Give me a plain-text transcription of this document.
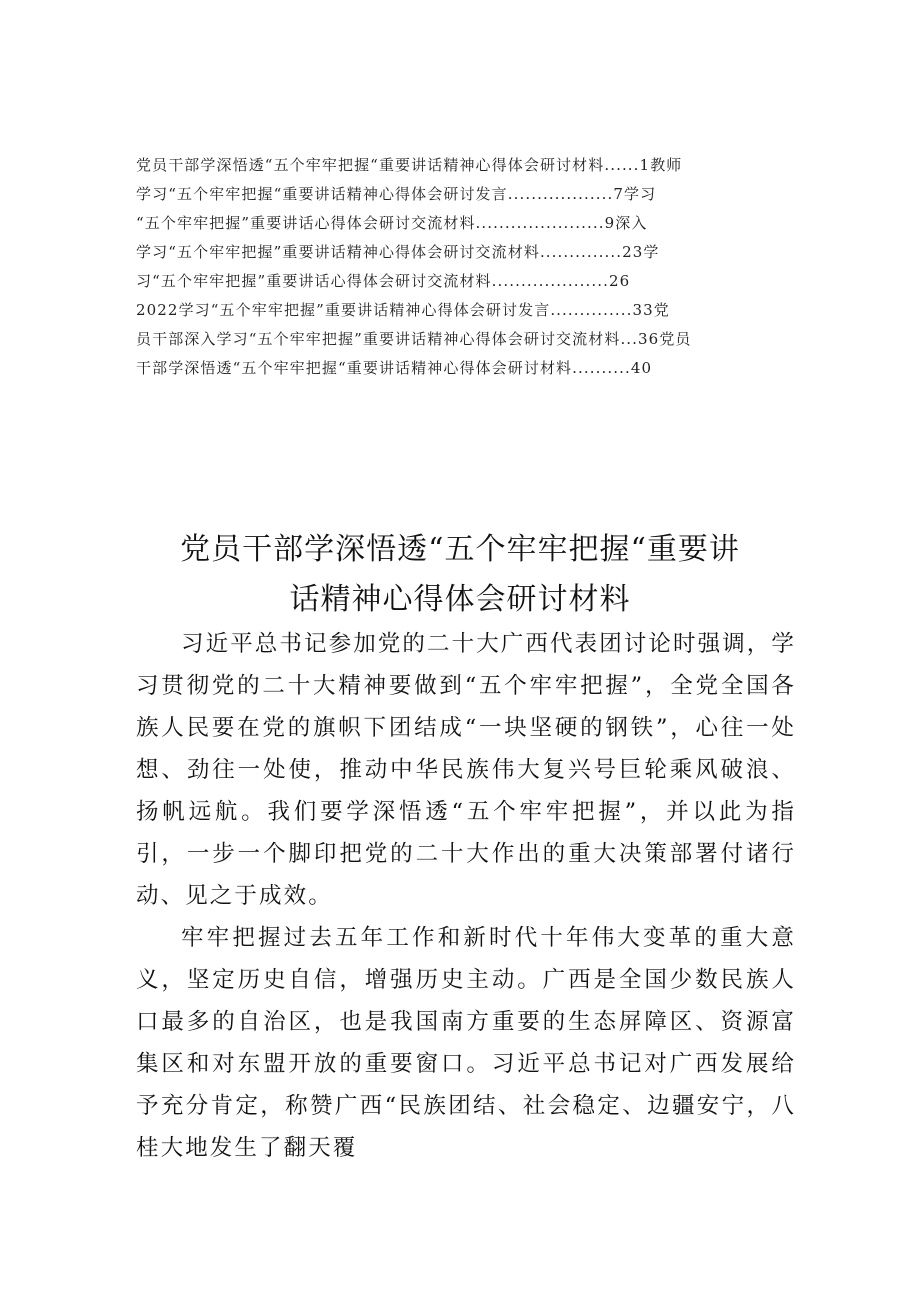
党员干部学深悟透“五个牢牢把握“重要讲话精神心得体会研讨材料......1教师
学习“五个牢牢把握“重要讲话精神心得体会研讨发言..................7学习
“五个牢牢把握”重要讲话心得体会研讨交流材料......................9深入
学习“五个牢牢把握”重要讲话精神心得体会研讨交流材料..............23学
习“五个牢牢把握”重要讲话心得体会研讨交流材料....................26
2022学习“五个牢牢把握”重要讲话精神心得体会研讨发言..............33党
员干部深入学习“五个牢牢把握”重要讲话精神心得体会研讨交流材料...36党员
干部学深悟透“五个牢牢把握“重要讲话精神心得体会研讨材料..........40
党员干部学深悟透“五个牢牢把握“重要讲
话精神心得体会研讨材料

习近平总书记参加党的二十大广西代表团讨论时强调，学习贯彻党的二十大精神要做到“五个牢牢把握”，全党全国各族人民要在党的旗帜下团结成“一块坚硬的钢铁”，心往一处想、劲往一处使，推动中华民族伟大复兴号巨轮乘风破浪、扬帆远航。我们要学深悟透“五个牢牢把握”，并以此为指引，一步一个脚印把党的二十大作出的重大决策部署付诸行动、见之于成效。

牢牢把握过去五年工作和新时代十年伟大变革的重大意义，坚定历史自信，增强历史主动。广西是全国少数民族人口最多的自治区，也是我国南方重要的生态屏障区、资源富集区和对东盟开放的重要窗口。习近平总书记对广西发展给予充分肯定，称赞广西“民族团结、社会稳定、边疆安宁，八桂大地发生了翻天覆
